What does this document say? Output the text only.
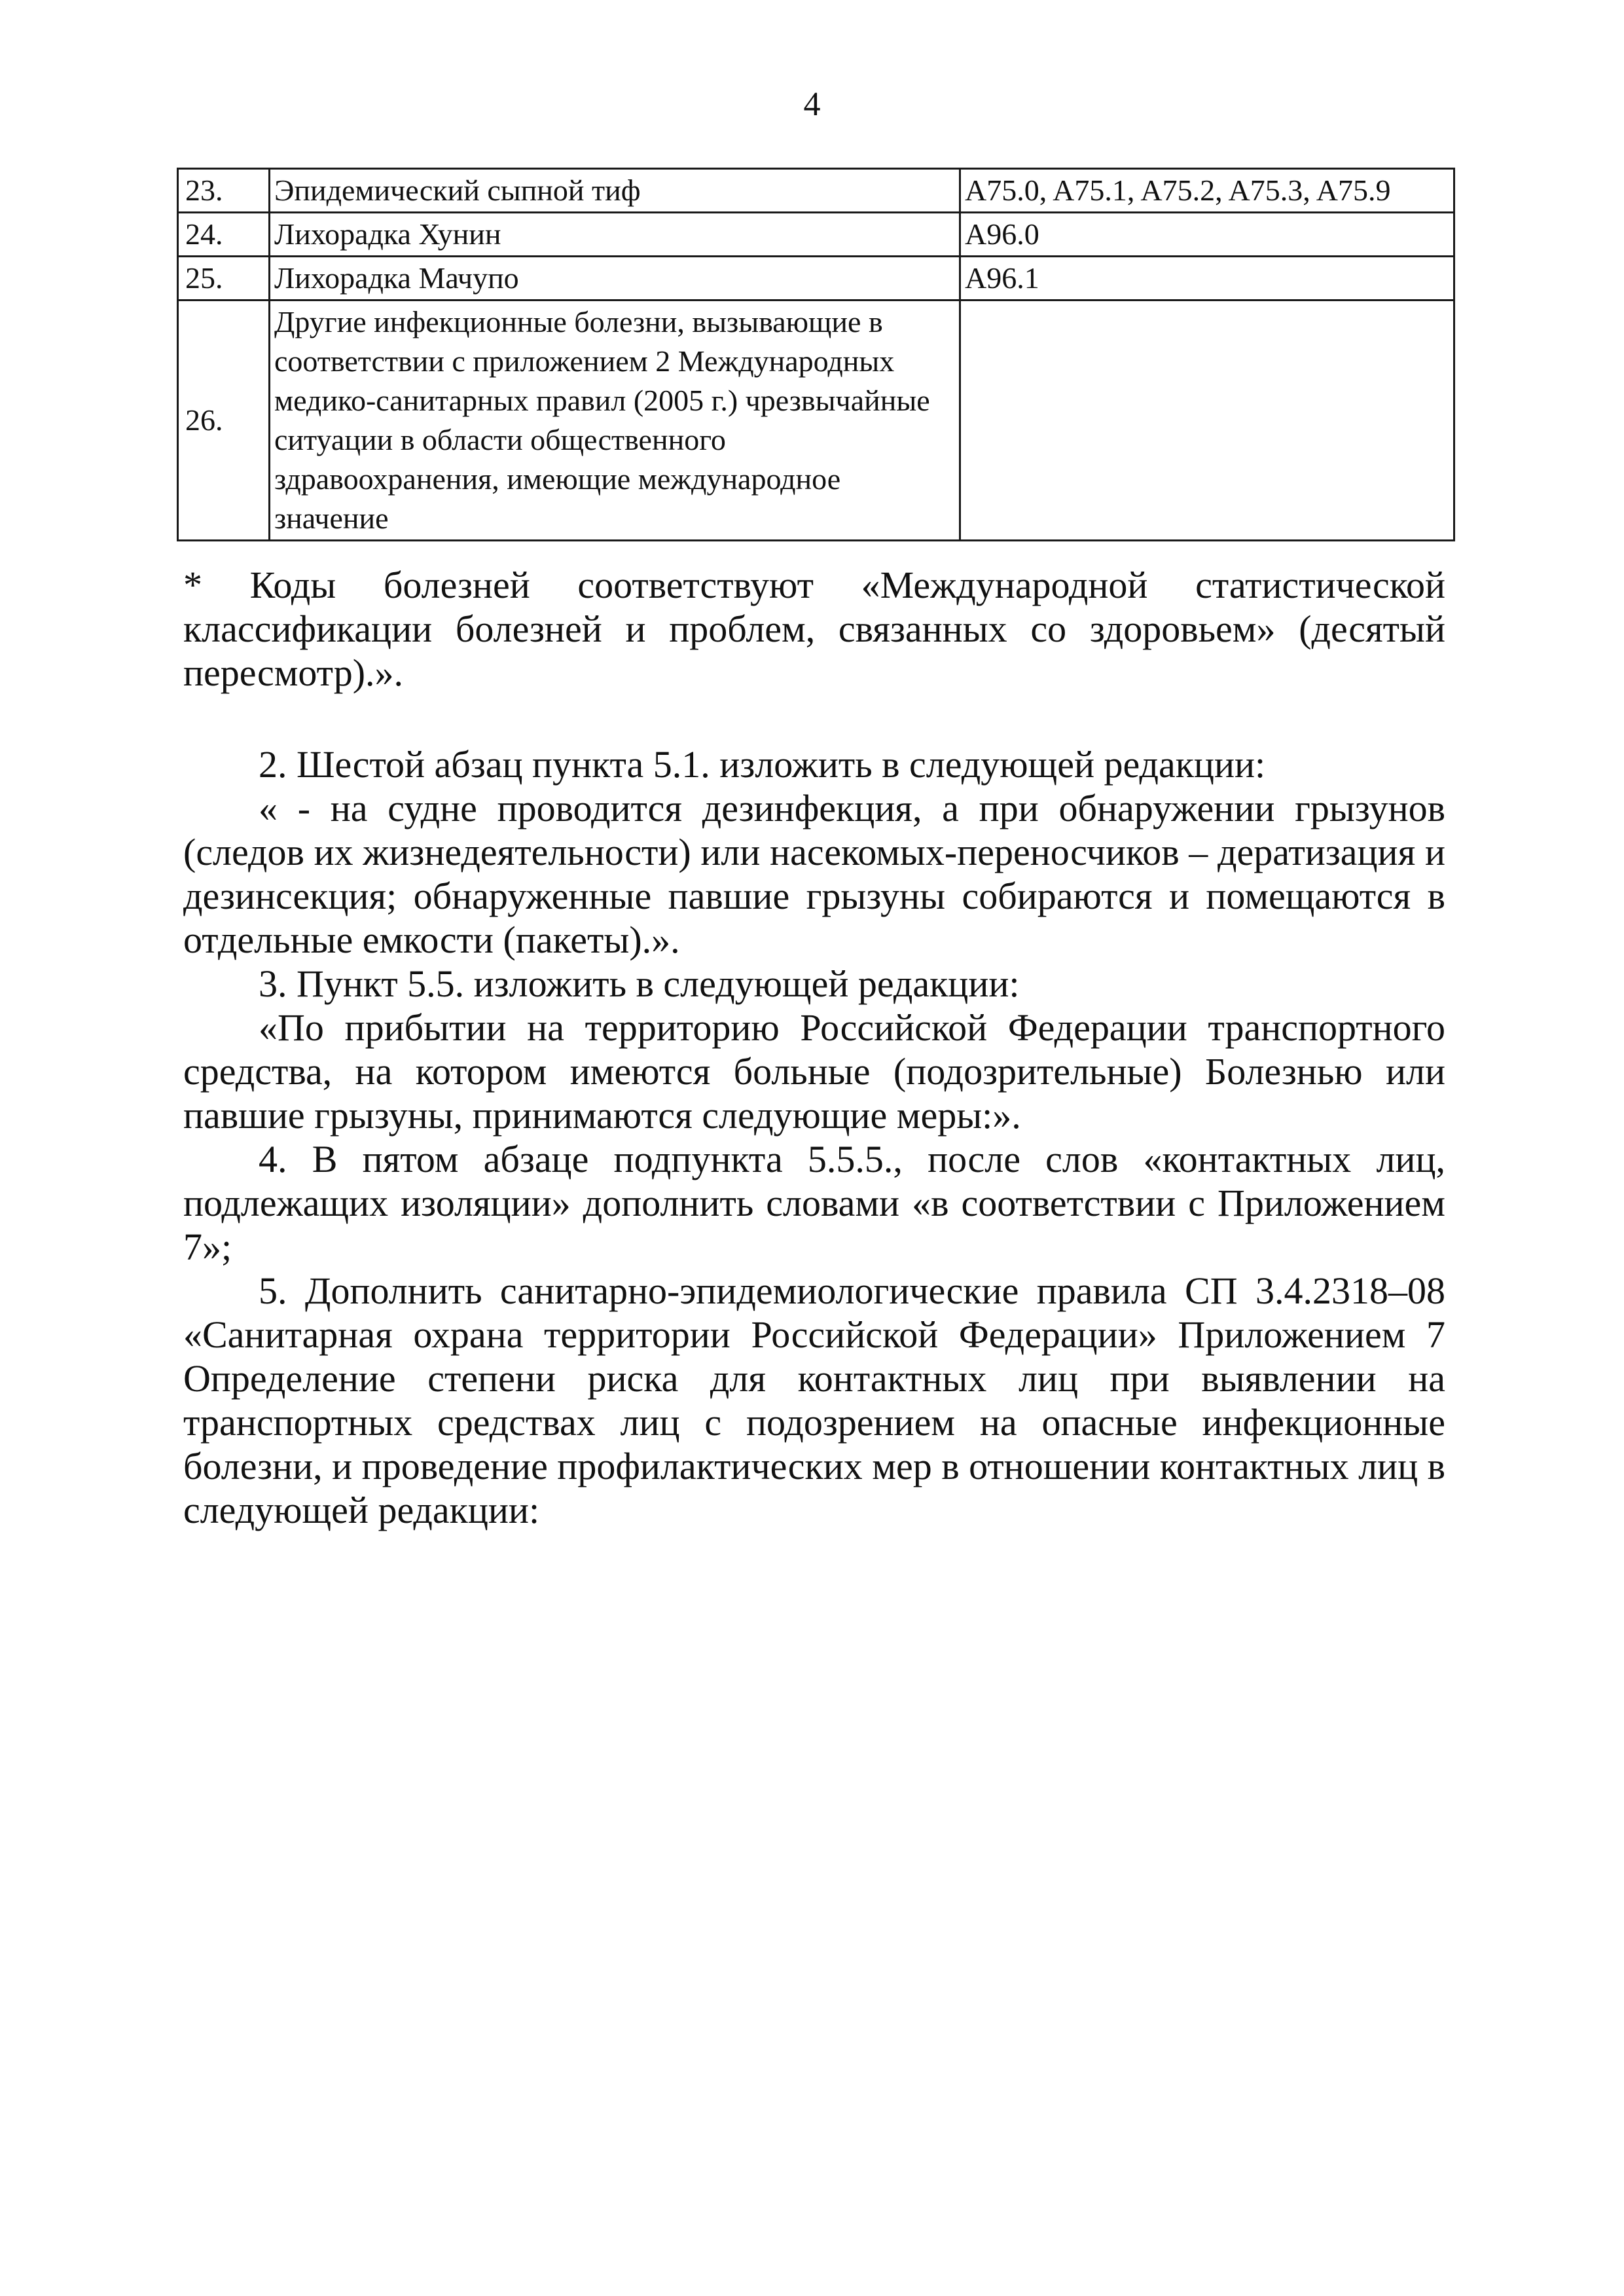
4
23.	Эпидемический сыпной тиф	A75.0, A75.1, A75.2, A75.3, A75.9
24.	Лихорадка Хунин	A96.0
25.	Лихорадка Мачупо	A96.1
26.	Другие инфекционные болезни, вызывающие в соответствии с приложением 2 Международных медико-санитарных правил (2005 г.) чрезвычайные ситуации в области общественного здравоохранения, имеющие международное значение	

* Коды болезней соответствуют «Международной статистической классификации болезней и проблем, связанных со здоровьем» (десятый пересмотр).».

2. Шестой абзац пункта 5.1. изложить в следующей редакции:

« - на судне проводится дезинфекция, а при обнаружении грызунов (следов их жизнедеятельности) или насекомых-переносчиков – дератизация и дезинсекция; обнаруженные павшие грызуны собираются и помещаются в отдельные емкости (пакеты).».

3. Пункт 5.5. изложить в следующей редакции:

«По прибытии на территорию Российской Федерации транспортного средства, на котором имеются больные (подозрительные) Болезнью или павшие грызуны, принимаются следующие меры:».

4. В пятом абзаце подпункта 5.5.5., после слов «контактных лиц, подлежащих изоляции» дополнить словами «в соответствии с Приложением 7»;

5. Дополнить санитарно-эпидемиологические правила СП 3.4.2318–08 «Санитарная охрана территории Российской Федерации» Приложением 7 Определение степени риска для контактных лиц при выявлении на транспортных средствах лиц с подозрением на опасные инфекционные болезни, и проведение профилактических мер в отношении контактных лиц в следующей редакции:
